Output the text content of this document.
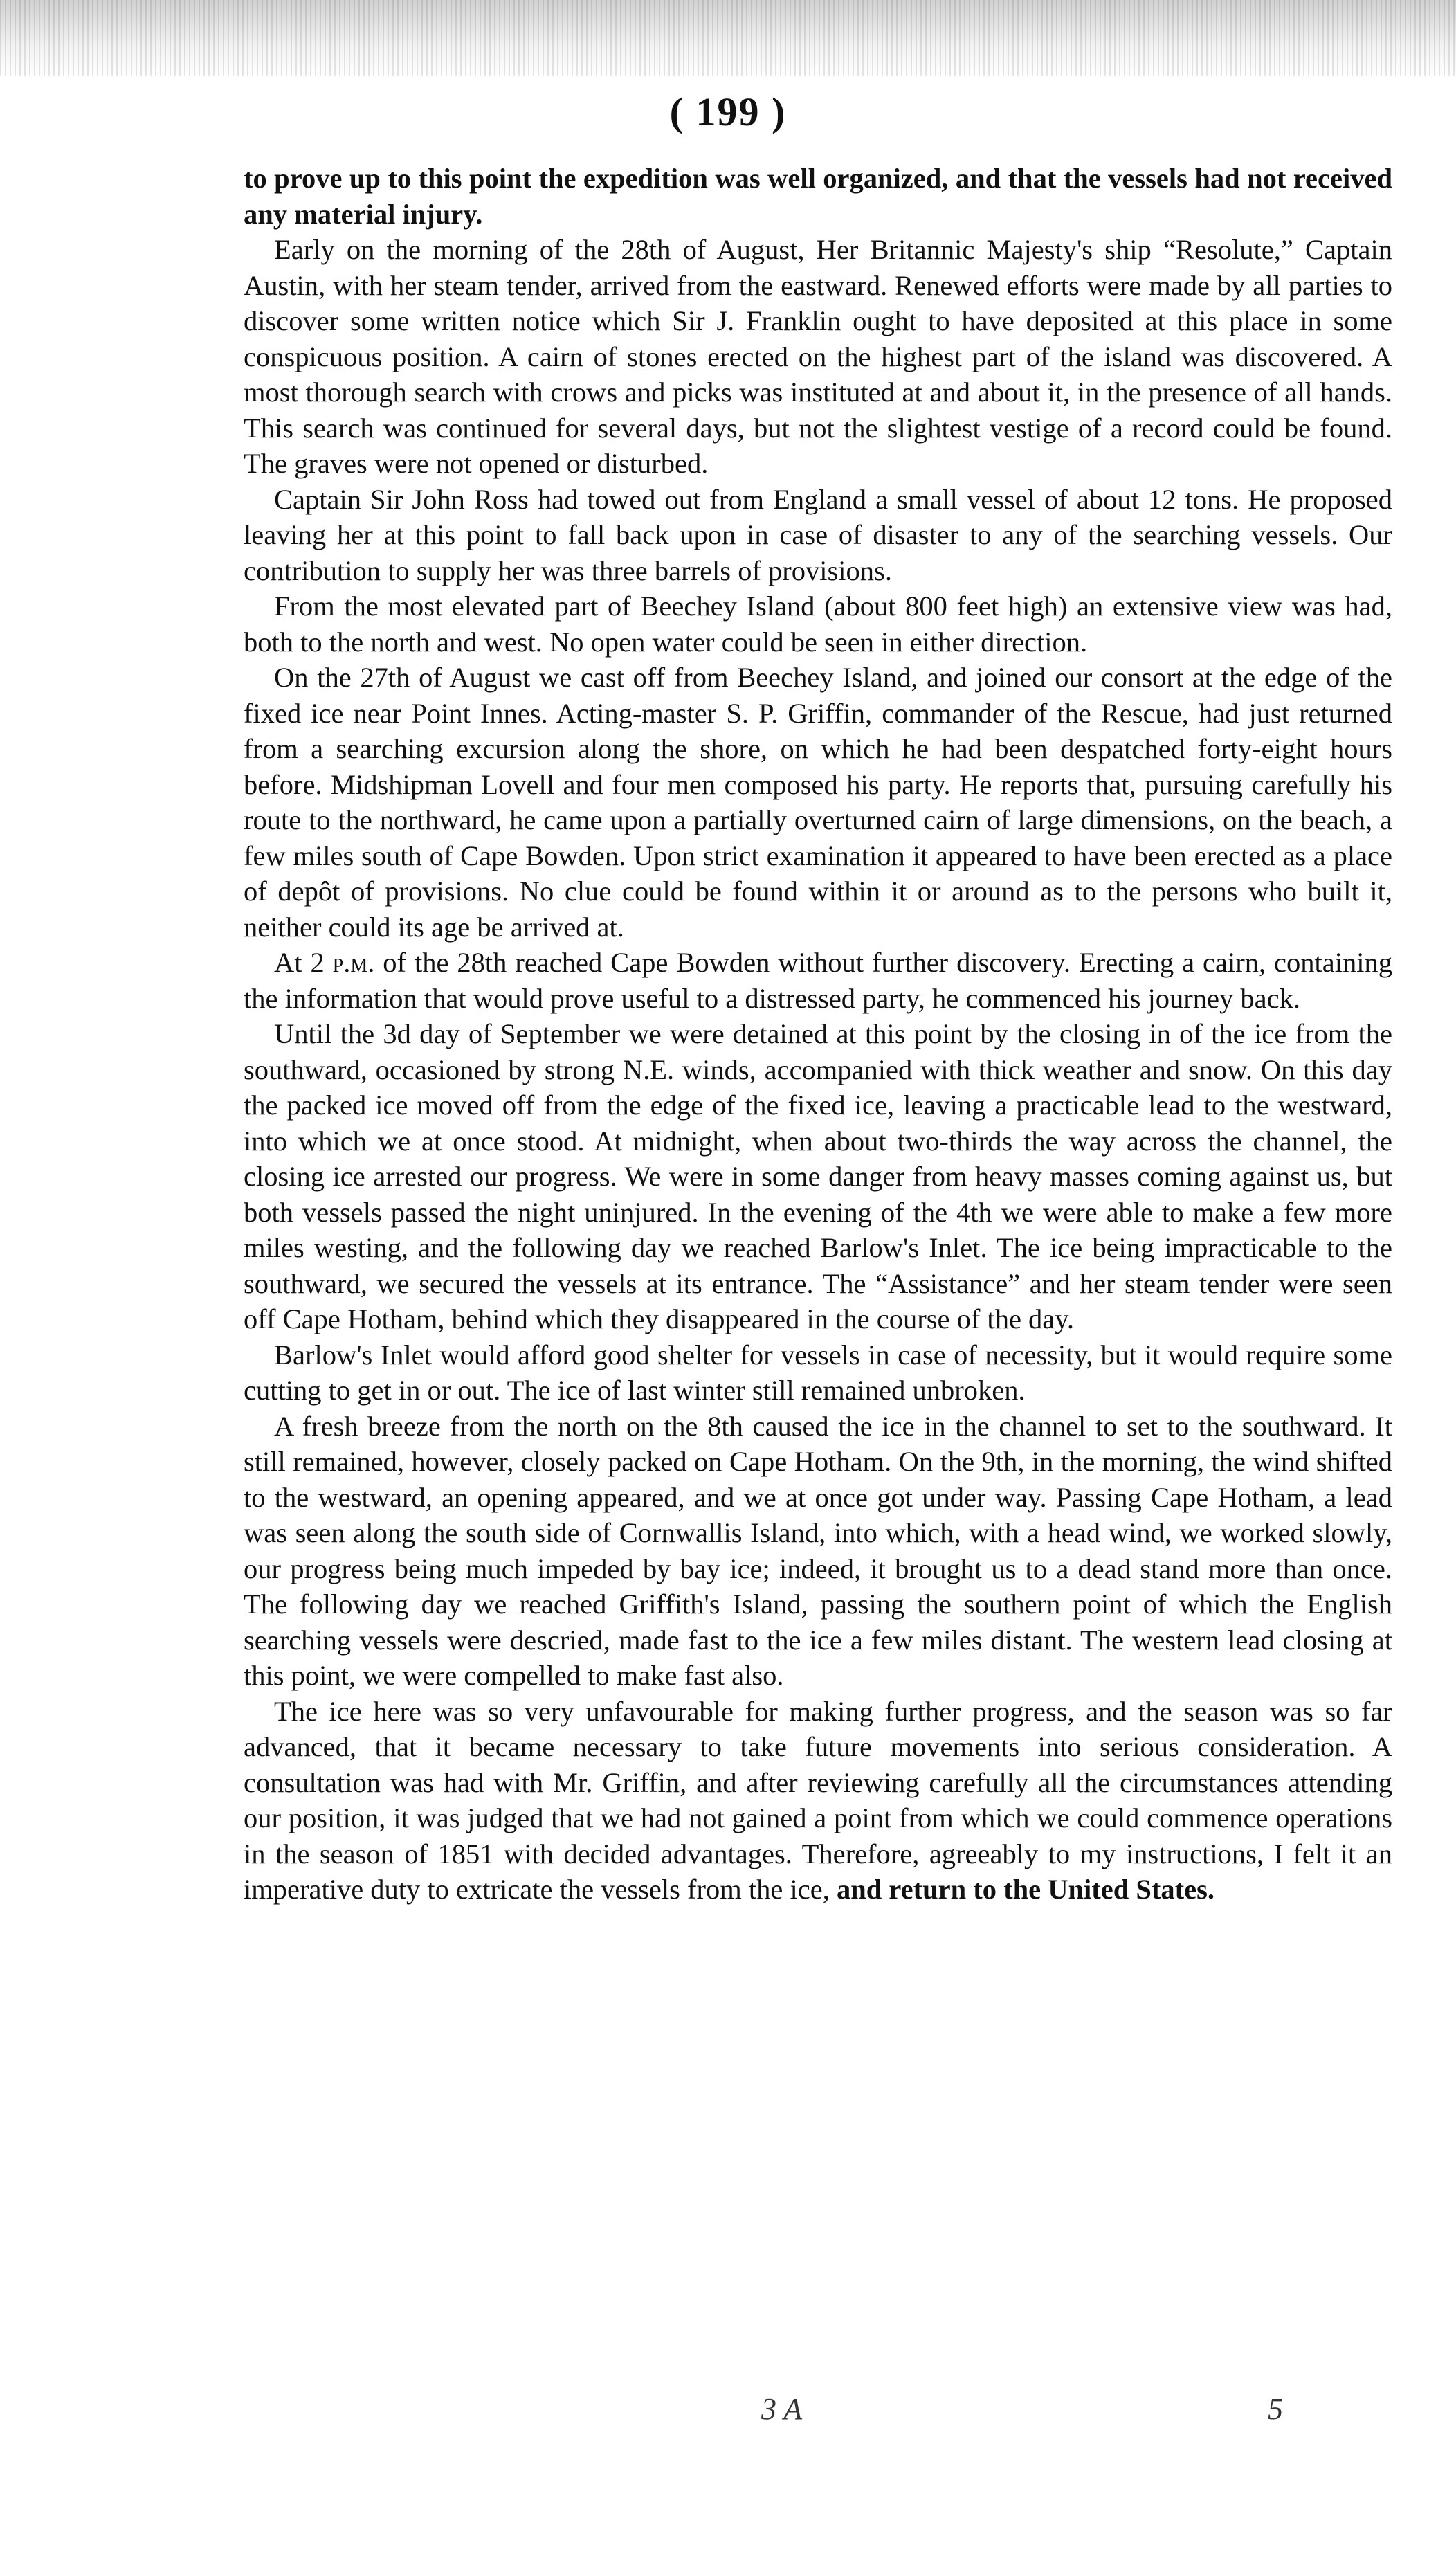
( 199 )

to prove up to this point the expedition was well organized, and that the vessels had not received any material injury.

Early on the morning of the 28th of August, Her Britannic Majesty's ship “Resolute,” Captain Austin, with her steam tender, arrived from the eastward. Renewed efforts were made by all parties to discover some written notice which Sir J. Franklin ought to have deposited at this place in some conspicuous position. A cairn of stones erected on the highest part of the island was discovered. A most thorough search with crows and picks was instituted at and about it, in the presence of all hands. This search was continued for several days, but not the slightest vestige of a record could be found. The graves were not opened or disturbed.

Captain Sir John Ross had towed out from England a small vessel of about 12 tons. He proposed leaving her at this point to fall back upon in case of disaster to any of the searching vessels. Our contribution to supply her was three barrels of provisions.

From the most elevated part of Beechey Island (about 800 feet high) an extensive view was had, both to the north and west. No open water could be seen in either direction.

On the 27th of August we cast off from Beechey Island, and joined our consort at the edge of the fixed ice near Point Innes. Acting-master S. P. Griffin, commander of the Rescue, had just returned from a searching excursion along the shore, on which he had been despatched forty-eight hours before. Midshipman Lovell and four men composed his party. He reports that, pursuing carefully his route to the northward, he came upon a partially overturned cairn of large dimensions, on the beach, a few miles south of Cape Bowden. Upon strict examination it appeared to have been erected as a place of depôt of provisions. No clue could be found within it or around as to the persons who built it, neither could its age be arrived at.

At 2 p.m. of the 28th reached Cape Bowden without further discovery. Erecting a cairn, containing the information that would prove useful to a distressed party, he commenced his journey back.

Until the 3d day of September we were detained at this point by the closing in of the ice from the southward, occasioned by strong N.E. winds, accompanied with thick weather and snow. On this day the packed ice moved off from the edge of the fixed ice, leaving a practicable lead to the westward, into which we at once stood. At midnight, when about two-thirds the way across the channel, the closing ice arrested our progress. We were in some danger from heavy masses coming against us, but both vessels passed the night uninjured. In the evening of the 4th we were able to make a few more miles westing, and the following day we reached Barlow's Inlet. The ice being impracticable to the southward, we secured the vessels at its entrance. The “Assistance” and her steam tender were seen off Cape Hotham, behind which they disappeared in the course of the day.

Barlow's Inlet would afford good shelter for vessels in case of necessity, but it would require some cutting to get in or out. The ice of last winter still remained unbroken.

A fresh breeze from the north on the 8th caused the ice in the channel to set to the southward. It still remained, however, closely packed on Cape Hotham. On the 9th, in the morning, the wind shifted to the westward, an opening appeared, and we at once got under way. Passing Cape Hotham, a lead was seen along the south side of Cornwallis Island, into which, with a head wind, we worked slowly, our progress being much impeded by bay ice; indeed, it brought us to a dead stand more than once. The following day we reached Griffith's Island, passing the southern point of which the English searching vessels were descried, made fast to the ice a few miles distant. The western lead closing at this point, we were compelled to make fast also.

The ice here was so very unfavourable for making further progress, and the season was so far advanced, that it became necessary to take future movements into serious consideration. A consultation was had with Mr. Griffin, and after reviewing carefully all the circumstances attending our position, it was judged that we had not gained a point from which we could commence operations in the season of 1851 with decided advantages. Therefore, agreeably to my instructions, I felt it an imperative duty to extricate the vessels from the ice, and return to the United States.

3 A	5
